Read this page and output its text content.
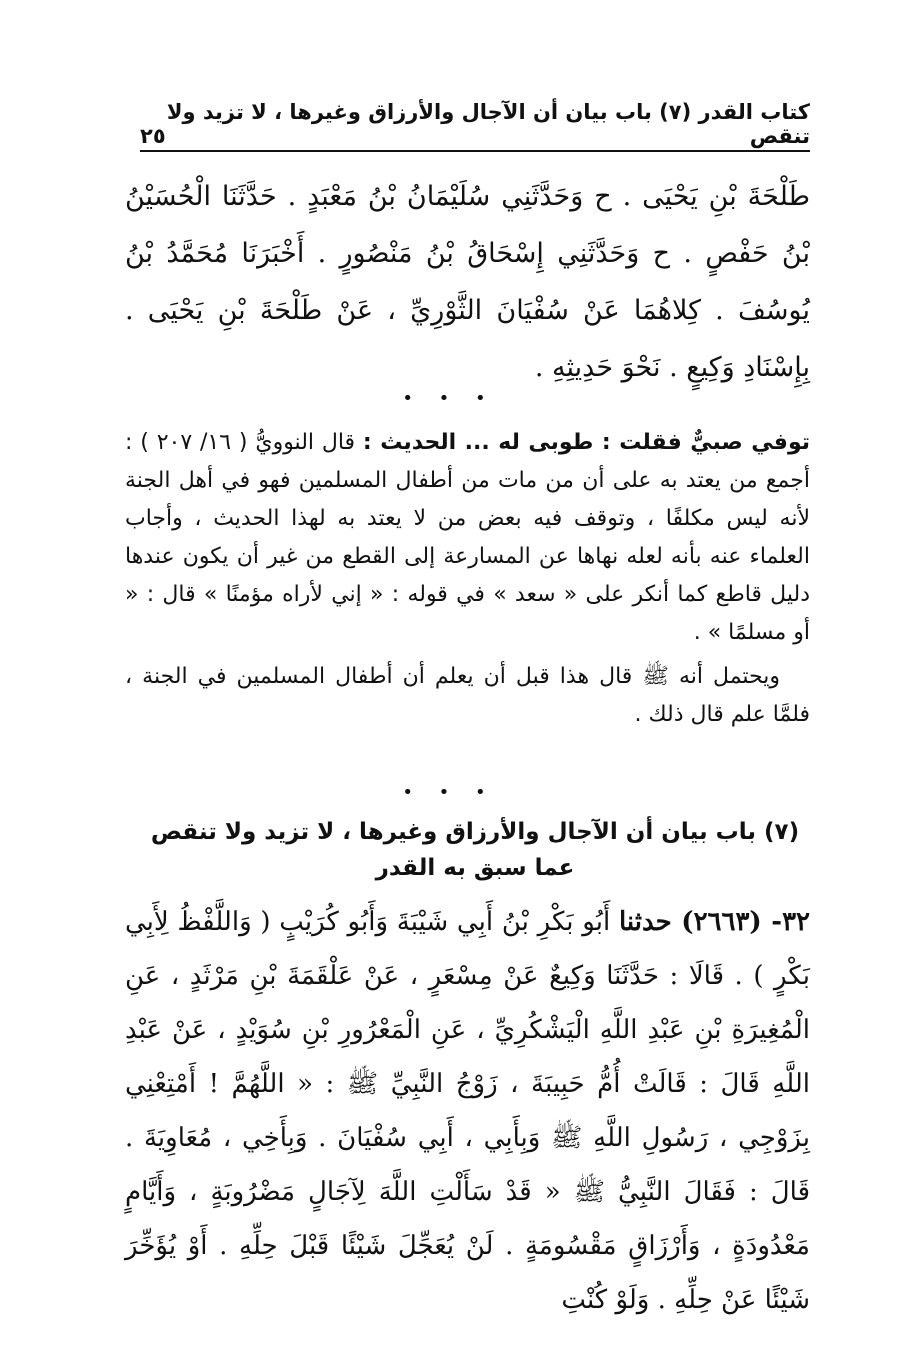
كتاب القدر (٧) باب بيان أن الآجال والأرزاق وغيرها ، لا تزيد ولا تنقص
٢٥
طَلْحَةَ بْنِ يَحْيَى . ح وَحَدَّثَنِي سُلَيْمَانُ بْنُ مَعْبَدٍ . حَدَّثَنَا الْحُسَيْنُ بْنُ حَفْصٍ . ح وَحَدَّثَنِي إِسْحَاقُ بْنُ مَنْصُورٍ . أَخْبَرَنَا مُحَمَّدُ بْنُ يُوسُفَ . كِلاهُمَا عَنْ سُفْيَانَ الثَّوْرِيِّ ، عَنْ طَلْحَةَ بْنِ يَحْيَى . بِإِسْنَادِ وَكِيعٍ . نَحْوَ حَدِيثِهِ .
• • •

توفي صبيٌّ فقلت : طوبى له ... الحديث : قال النوويُّ ( ١٦/ ٢٠٧ ) : أجمع من يعتد به على أن من مات من أطفال المسلمين فهو في أهل الجنة لأنه ليس مكلفًا ، وتوقف فيه بعض من لا يعتد به لهذا الحديث ، وأجاب العلماء عنه بأنه لعله نهاها عن المسارعة إلى القطع من غير أن يكون عندها دليل قاطع كما أنكر على « سعد » في قوله : « إني لأراه مؤمنًا » قال : « أو مسلمًا » .

ويحتمل أنه ﷺ قال هذا قبل أن يعلم أن أطفال المسلمين في الجنة ، فلمَّا علم قال ذلك .

• • •
(٧) باب بيان أن الآجال والأرزاق وغيرها ، لا تزيد ولا تنقص
عما سبق به القدر
٣٢- (٢٦٦٣) حدثنا أَبُو بَكْرِ بْنُ أَبِي شَيْبَةَ وَأَبُو كُرَيْبٍ ( وَاللَّفْظُ لِأَبِي بَكْرٍ ) . قَالَا : حَدَّثَنَا وَكِيعٌ عَنْ مِسْعَرٍ ، عَنْ عَلْقَمَةَ بْنِ مَرْثَدٍ ، عَنِ الْمُغِيرَةِ بْنِ عَبْدِ اللَّهِ الْيَشْكُرِيِّ ، عَنِ الْمَعْرُورِ بْنِ سُوَيْدٍ ، عَنْ عَبْدِ اللَّهِ قَالَ : قَالَتْ أُمُّ حَبِيبَةَ ، زَوْجُ النَّبِيِّ ﷺ : « اللَّهُمَّ ! أَمْتِعْنِي بِزَوْجِي ، رَسُولِ اللَّهِ ﷺ وَبِأَبِي ، أَبِي سُفْيَانَ . وَبِأَخِي ، مُعَاوِيَةَ . قَالَ : فَقَالَ النَّبِيُّ ﷺ « قَدْ سَأَلْتِ اللَّهَ لِآجَالٍ مَضْرُوبَةٍ ، وَأَيَّامٍ مَعْدُودَةٍ ، وَأَرْزَاقٍ مَقْسُومَةٍ . لَنْ يُعَجِّلَ شَيْئًا قَبْلَ حِلِّهِ . أَوْ يُؤَخِّرَ شَيْئًا عَنْ حِلِّهِ . وَلَوْ كُنْتِ
